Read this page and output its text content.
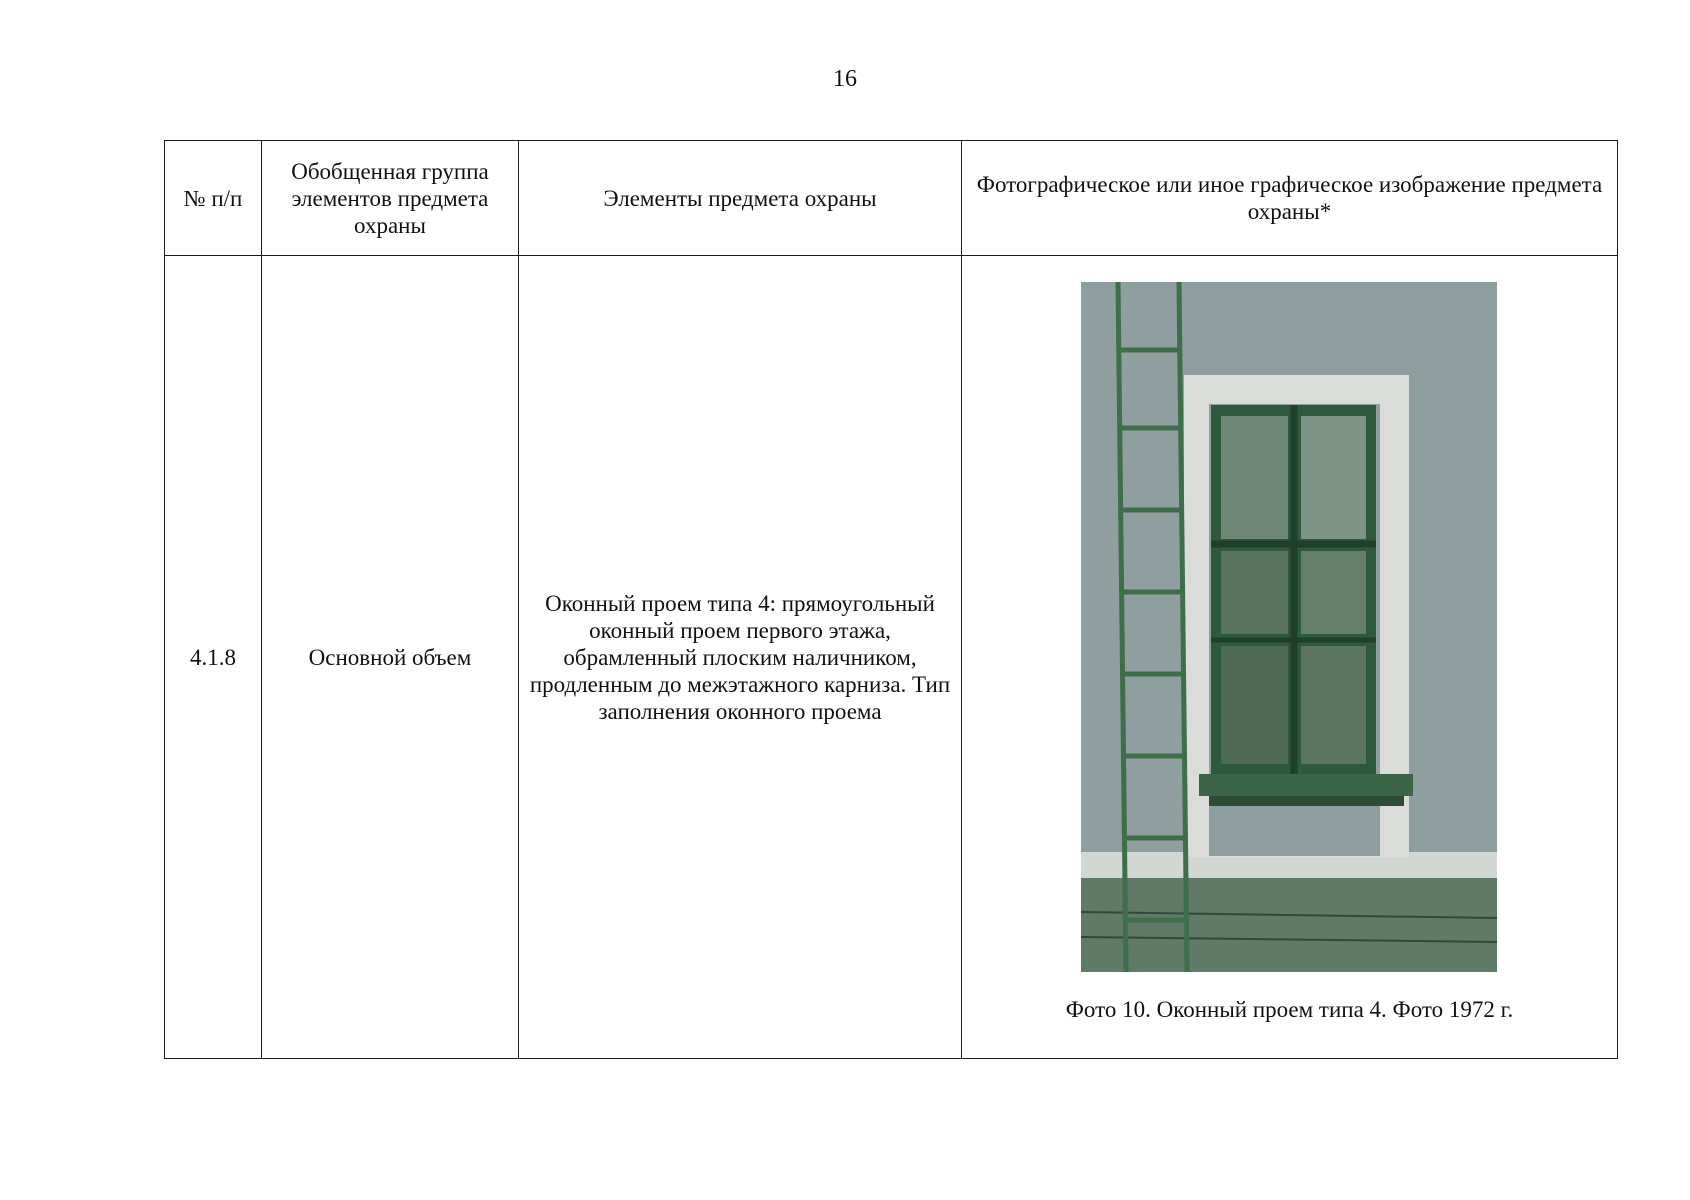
16
№ п/п	Обобщенная группа элементов предмета охраны	Элементы предмета охраны	Фотографическое или иное графическое изображение предмета охраны*
4.1.8	Основной объем	Оконный проем типа 4: прямоугольный оконный проем первого этажа, обрамленный плоским наличником, продленным до межэтажного карниза. Тип заполнения оконного проема	Фото 10. Оконный проем типа 4. Фото 1972 г.
